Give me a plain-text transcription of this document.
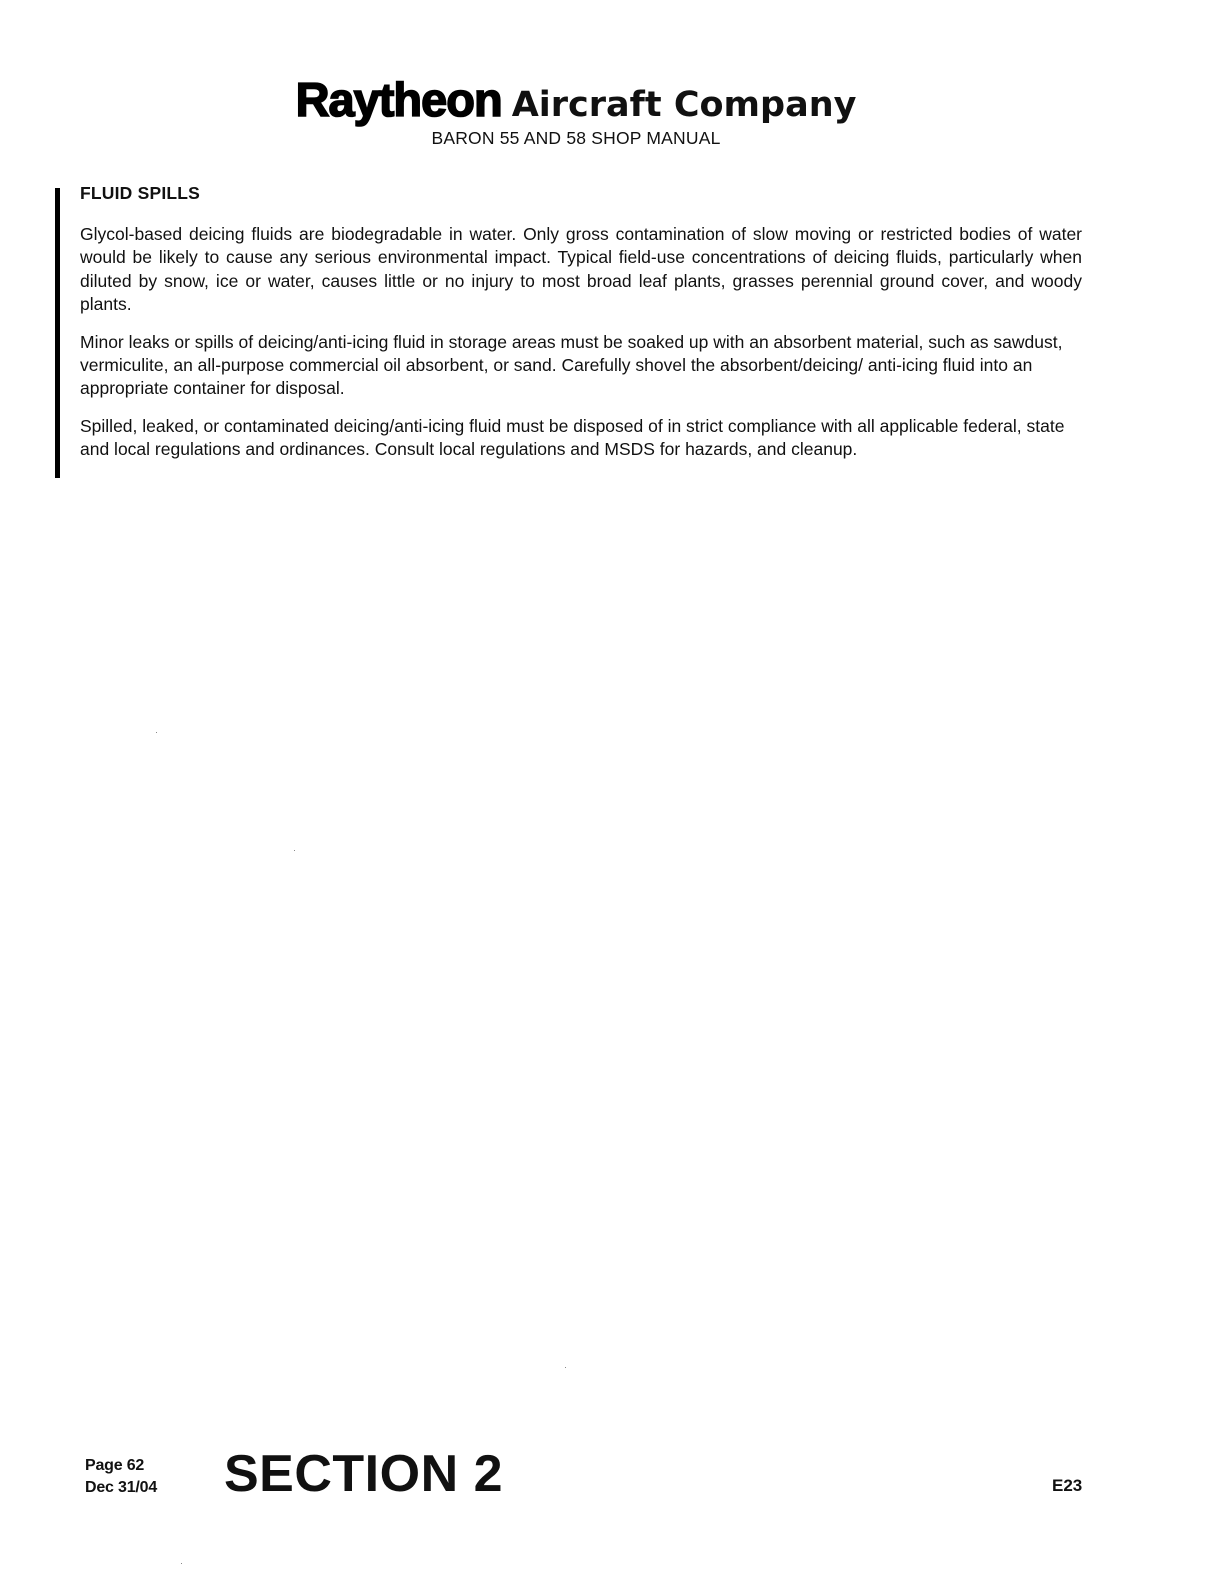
Raytheon Aircraft Company
BARON 55 AND 58 SHOP MANUAL
FLUID SPILLS

Glycol-based deicing fluids are biodegradable in water. Only gross contamination of slow moving or restricted bodies of water would be likely to cause any serious environmental impact. Typical field-use concentrations of deicing fluids, particularly when diluted by snow, ice or water, causes little or no injury to most broad leaf plants, grasses perennial ground cover, and woody plants.

Minor leaks or spills of deicing/anti-icing fluid in storage areas must be soaked up with an absorbent material, such as sawdust, vermiculite, an all-purpose commercial oil absorbent, or sand. Carefully shovel the absorbent/deicing/ anti-icing fluid into an appropriate container for disposal.

Spilled, leaked, or contaminated deicing/anti-icing fluid must be disposed of in strict compliance with all applicable federal, state and local regulations and ordinances. Consult local regulations and MSDS for hazards, and cleanup.

Page 62
Dec 31/04 SECTION 2	E23
